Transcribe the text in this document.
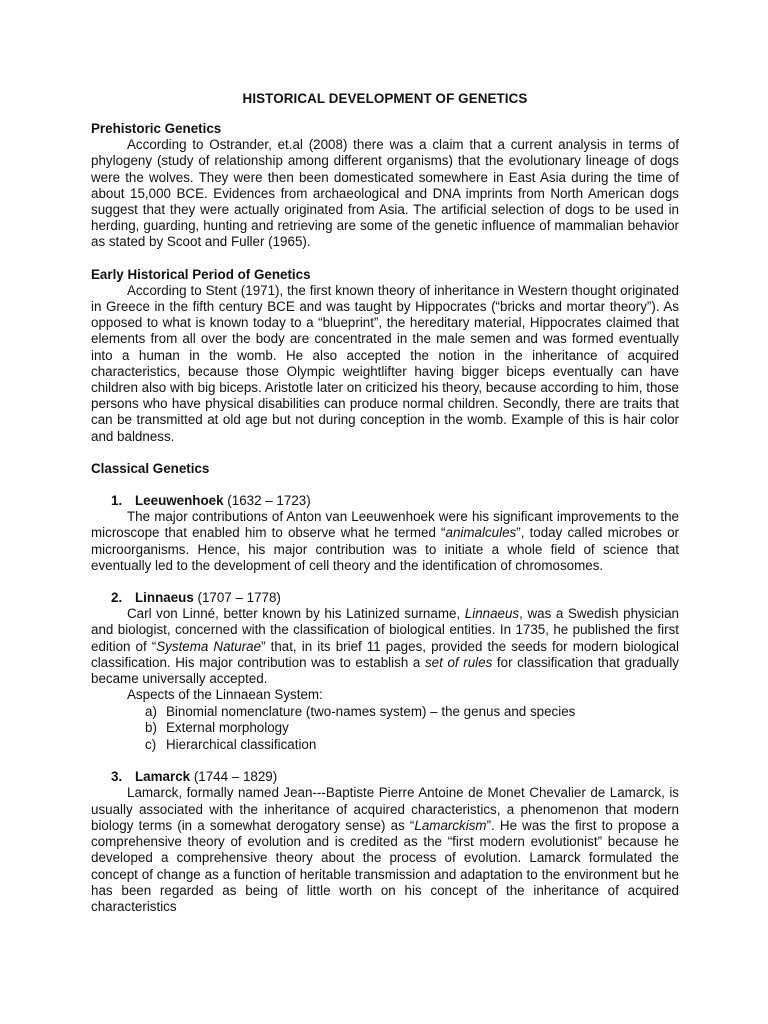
HISTORICAL DEVELOPMENT OF GENETICS
Prehistoric Genetics

According to Ostrander, et.al (2008) there was a claim that a current analysis in terms of phylogeny (study of relationship among different organisms) that the evolutionary lineage of dogs were the wolves. They were then been domesticated somewhere in East Asia during the time of about 15,000 BCE. Evidences from archaeological and DNA imprints from North American dogs suggest that they were actually originated from Asia. The artificial selection of dogs to be used in herding, guarding, hunting and retrieving are some of the genetic influence of mammalian behavior as stated by Scoot and Fuller (1965).

Early Historical Period of Genetics

According to Stent (1971), the first known theory of inheritance in Western thought originated in Greece in the fifth century BCE and was taught by Hippocrates (“bricks and mortar theory”). As opposed to what is known today to a “blueprint”, the hereditary material, Hippocrates claimed that elements from all over the body are concentrated in the male semen and was formed eventually into a human in the womb. He also accepted the notion in the inheritance of acquired characteristics, because those Olympic weightlifter having bigger biceps eventually can have children also with big biceps. Aristotle later on criticized his theory, because according to him, those persons who have physical disabilities can produce normal children. Secondly, there are traits that can be transmitted at old age but not during conception in the womb. Example of this is hair color and baldness.

Classical Genetics
1. Leeuwenhoek (1632 – 1723)

The major contributions of Anton van Leeuwenhoek were his significant improvements to the microscope that enabled him to observe what he termed “animalcules”, today called microbes or microorganisms. Hence, his major contribution was to initiate a whole field of science that eventually led to the development of cell theory and the identification of chromosomes.

2. Linnaeus (1707 – 1778)

Carl von Linné, better known by his Latinized surname, Linnaeus, was a Swedish physician and biologist, concerned with the classification of biological entities. In 1735, he published the first edition of “Systema Naturae” that, in its brief 11 pages, provided the seeds for modern biological classification. His major contribution was to establish a set of rules for classification that gradually became universally accepted.

Aspects of the Linnaean System:
a) Binomial nomenclature (two-names system) – the genus and species
b) External morphology
c) Hierarchical classification
3. Lamarck (1744 – 1829)

Lamarck, formally named Jean---Baptiste Pierre Antoine de Monet Chevalier de Lamarck, is usually associated with the inheritance of acquired characteristics, a phenomenon that modern biology terms (in a somewhat derogatory sense) as “Lamarckism”. He was the first to propose a comprehensive theory of evolution and is credited as the “first modern evolutionist” because he developed a comprehensive theory about the process of evolution. Lamarck formulated the concept of change as a function of heritable transmission and adaptation to the environment but he has been regarded as being of little worth on his concept of the inheritance of acquired characteristics
